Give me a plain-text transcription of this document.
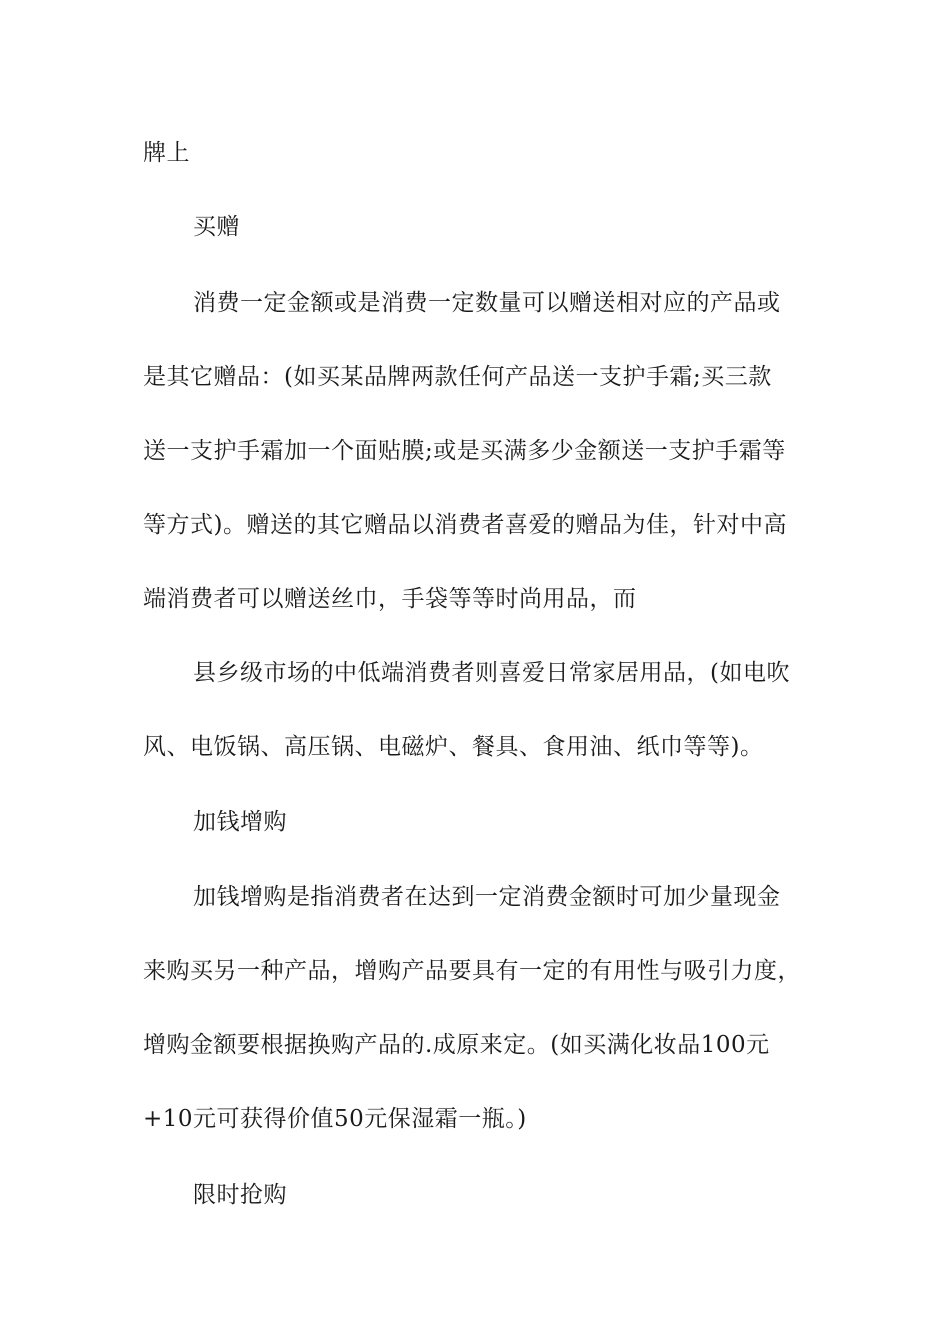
牌上
买赠
消费一定金额或是消费一定数量可以赠送相对应的产品或
是其它赠品：(如买某品牌两款任何产品送一支护手霜;买三款
送一支护手霜加一个面贴膜;或是买满多少金额送一支护手霜等
等方式)。赠送的其它赠品以消费者喜爱的赠品为佳，针对中高
端消费者可以赠送丝巾，手袋等等时尚用品，而
县乡级市场的中低端消费者则喜爱日常家居用品，(如电吹
风、电饭锅、高压锅、电磁炉、餐具、食用油、纸巾等等)。
加钱增购
加钱增购是指消费者在达到一定消费金额时可加少量现金
来购买另一种产品，增购产品要具有一定的有用性与吸引力度，
增购金额要根据换购产品的.成原来定。(如买满化妆品100元
+10元可获得价值50元保湿霜一瓶。)
限时抢购
